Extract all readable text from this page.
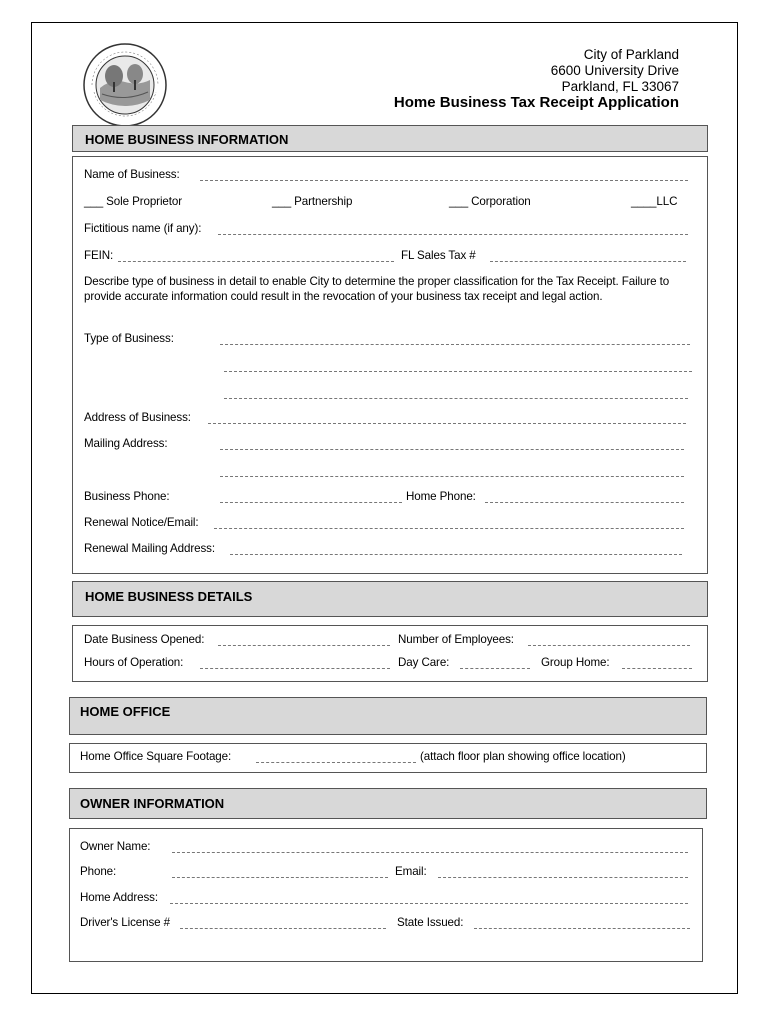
City of Parkland
6600 University Drive
Parkland, FL 33067
Home Business Tax Receipt Application
HOME BUSINESS INFORMATION
Name of Business:
___ Sole Proprietor	___ Partnership	___ Corporation	____LLC
Fictitious name (if any):
FEIN:	FL Sales Tax #
Describe type of business in detail to enable City to determine the proper classification for the Tax Receipt. Failure to provide accurate information could result in the revocation of your business tax receipt and legal action.
Type of Business:
Address of Business:
Mailing Address:
Business Phone:	Home Phone:
Renewal Notice/Email:
Renewal Mailing Address:
HOME BUSINESS DETAILS
Date Business Opened:	Number of Employees:
Hours of Operation:	Day Care:	Group Home:
HOME OFFICE
Home Office Square Footage:	(attach floor plan showing office location)
OWNER INFORMATION
Owner Name:
Phone:	Email:
Home Address:
Driver's License #	State Issued:
